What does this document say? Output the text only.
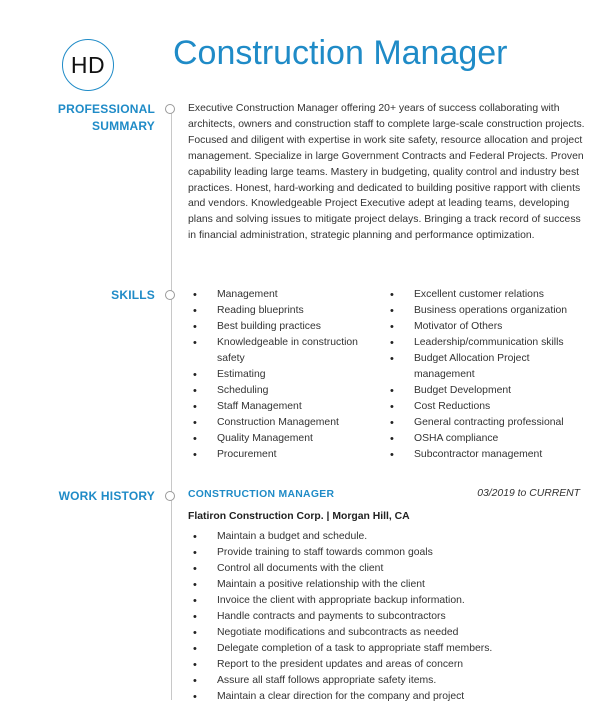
HD Construction Manager
PROFESSIONAL
SUMMARY

Executive Construction Manager offering 20+ years of success collaborating with architects, owners and construction staff to complete large-scale construction projects. Focused and diligent with expertise in work site safety, resource allocation and project management. Specialize in large Government Contracts and Federal Projects. Proven capability leading large teams. Mastery in budgeting, quality control and industry best practices. Honest, hard-working and dedicated to building positive rapport with clients and vendors. Knowledgeable Project Executive adept at leading teams, developing plans and solving issues to mitigate project delays. Bringing a track record of success in financial administration, strategic planning and performance optimization.

SKILLS	• Management
• Reading blueprints
• Best building practices
• Knowledgeable in construction safety
• Estimating
• Scheduling
• Staff Management
• Construction Management
• Quality Management
• Procurement
• Excellent customer relations
• Business operations organization
• Motivator of Others
• Leadership/communication skills
• Budget Allocation Project management
• Budget Development
• Cost Reductions
• General contracting professional
• OSHA compliance
• Subcontractor management
WORK HISTORY	CONSTRUCTION MANAGER	03/2019 to CURRENT
Flatiron Construction Corp. | Morgan Hill, CA
• Maintain a budget and schedule.
• Provide training to staff towards common goals
• Control all documents with the client
• Maintain a positive relationship with the client
• Invoice the client with appropriate backup information.
• Handle contracts and payments to subcontractors
• Negotiate modifications and subcontracts as needed
• Delegate completion of a task to appropriate staff members.
• Report to the president updates and areas of concern
• Assure all staff follows appropriate safety items.
• Maintain a clear direction for the company and project
